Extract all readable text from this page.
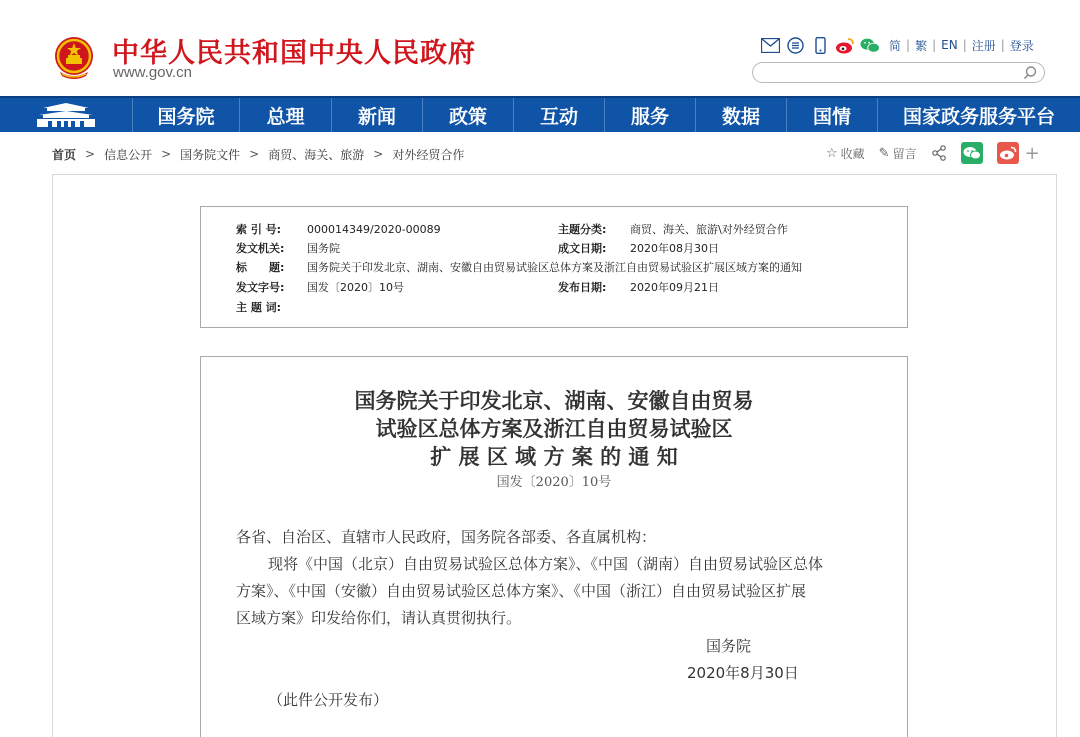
中华人民共和国中央人民政府
www.gov.cn
简 | 繁 | EN | 注册 | 登录
国务院	总理	新闻	政策	互动	服务	数据	国情	国家政务服务平台
首页 > 信息公开 > 国务院文件 > 商贸、海关、旅游 > 对外经贸合作	☆ 收藏 ✎ 留言	+
索 引 号: 000014349/2020-00089	主题分类: 商贸、海关、旅游\对外经贸合作
发文机关: 国务院	成文日期: 2020年08月30日
标　　题: 国务院关于印发北京、湖南、安徽自由贸易试验区总体方案及浙江自由贸易试验区扩展区域方案的通知
发文字号: 国发〔2020〕10号	发布日期: 2020年09月21日
主 题 词:
国务院关于印发北京、湖南、安徽自由贸易
试验区总体方案及浙江自由贸易试验区
扩 展 区 域 方 案 的 通 知
国发〔2020〕10号
各省、自治区、直辖市人民政府，国务院各部委、各直属机构：
现将《中国（北京）自由贸易试验区总体方案》、《中国（湖南）自由贸易试验区总体
方案》、《中国（安徽）自由贸易试验区总体方案》、《中国（浙江）自由贸易试验区扩展
区域方案》印发给你们，请认真贯彻执行。
国务院
2020年8月30日
（此件公开发布）
